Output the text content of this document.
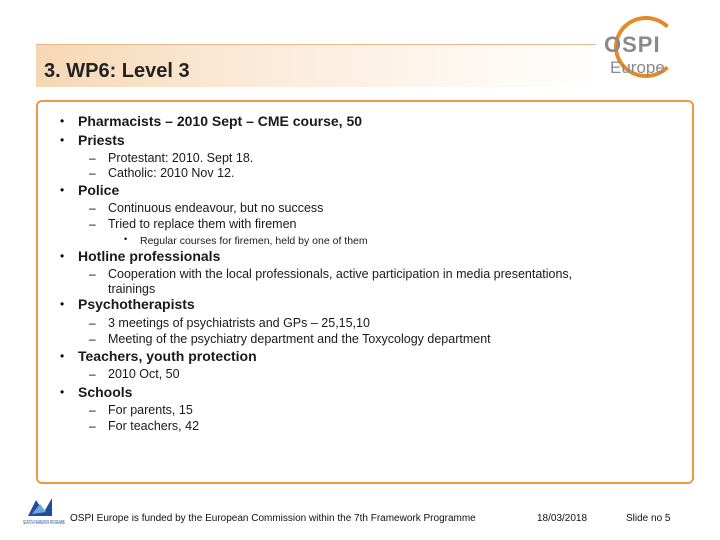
3. WP6: Level 3
OSPI
Europe
• Pharmacists – 2010 Sept – CME course, 50
• Priests
– Protestant: 2010. Sept 18.
– Catholic: 2010 Nov 12.
• Police
– Continuous endeavour, but no success
– Tried to replace them with firemen
• Regular courses for firemen, held by one of them
• Hotline professionals
– Cooperation with the local professionals, active participation in media presentations,
trainings
• Psychotherapists
– 3 meetings of psychiatrists and GPs – 25,15,10
– Meeting of the psychiatry department and the Toxycology department
• Teachers, youth protection
– 2010 Oct, 50
• Schools
– For parents, 15
– For teachers, 42
SEVENTH FRAMEWORK PROGRAMME OSPI Europe is funded by the European Commission within the 7th Framework Programme	18/03/2018	Slide no 5
